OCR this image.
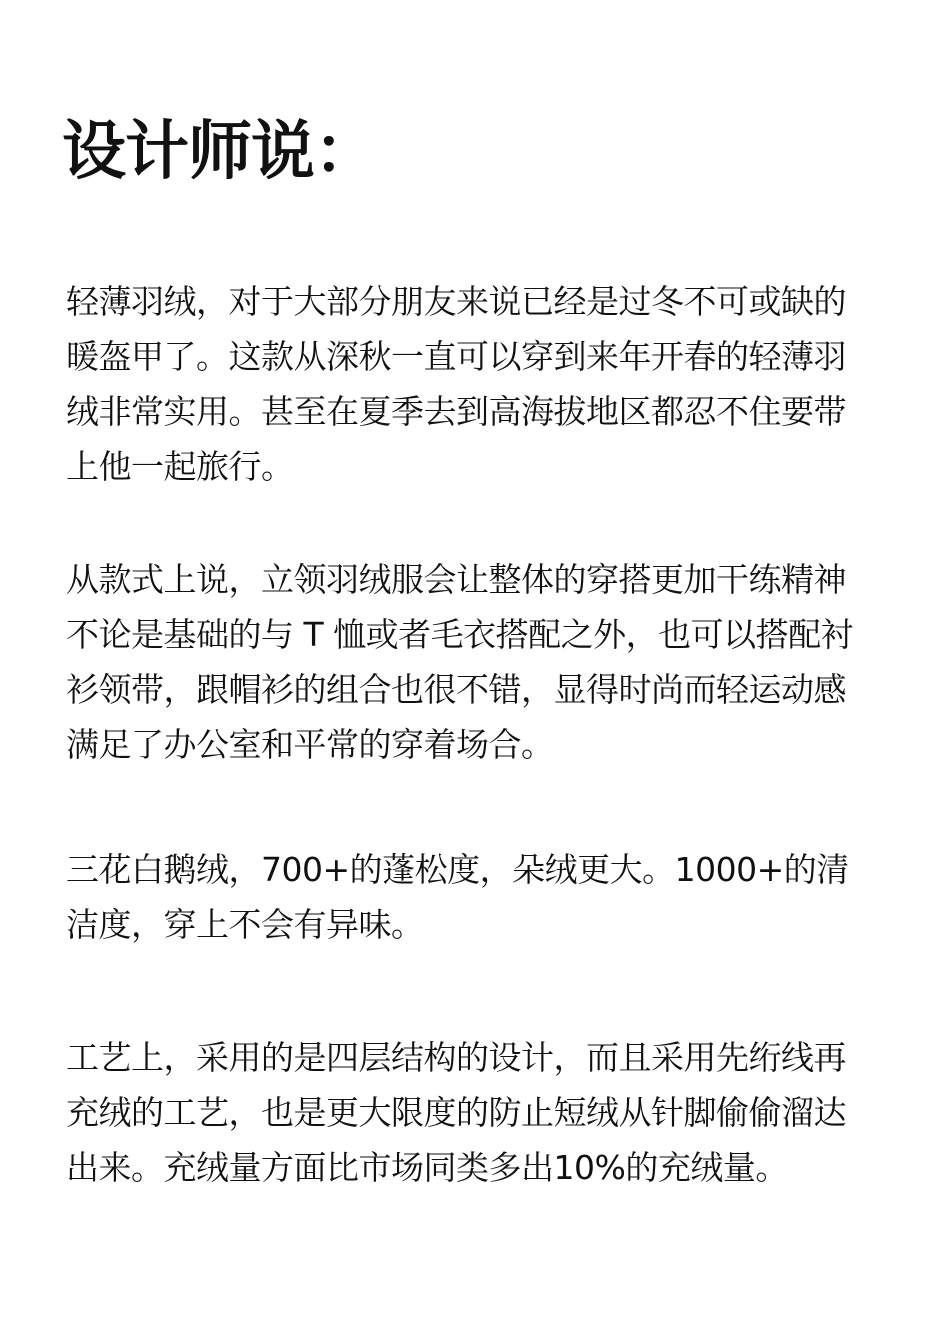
设计师说：
轻薄羽绒，对于大部分朋友来说已经是过冬不可或缺的
暖盔甲了。这款从深秋一直可以穿到来年开春的轻薄羽
绒非常实用。甚至在夏季去到高海拔地区都忍不住要带
上他一起旅行。
从款式上说，立领羽绒服会让整体的穿搭更加干练精神
不论是基础的与 T 恤或者毛衣搭配之外，也可以搭配衬
衫领带，跟帽衫的组合也很不错，显得时尚而轻运动感
满足了办公室和平常的穿着场合。
三花白鹅绒，700+的蓬松度，朵绒更大。1000+的清
洁度，穿上不会有异味。
工艺上，采用的是四层结构的设计，而且采用先绗线再
充绒的工艺，也是更大限度的防止短绒从针脚偷偷溜达
出来。充绒量方面比市场同类多出10%的充绒量。
